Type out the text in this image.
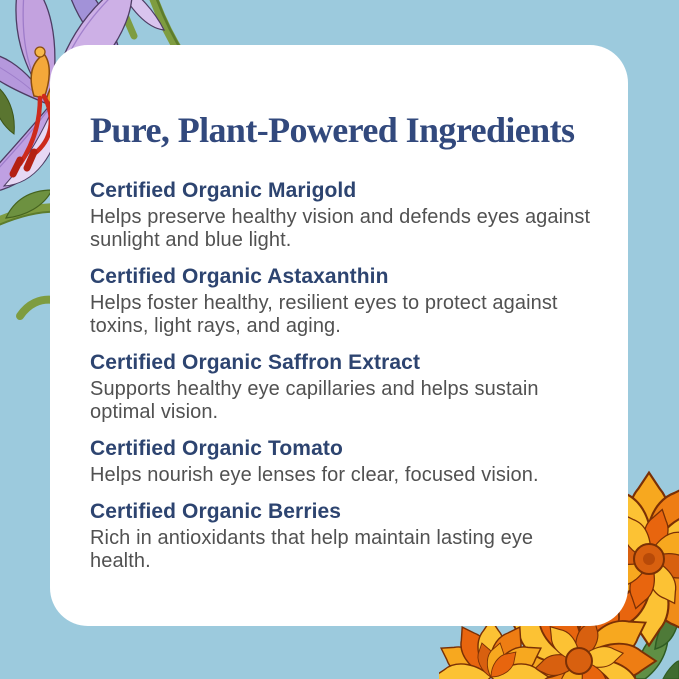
Pure, Plant-Powered Ingredients
Certified Organic Marigold

Helps preserve healthy vision and defends eyes against sunlight and blue light.

Certified Organic Astaxanthin

Helps foster healthy, resilient eyes to protect against toxins, light rays, and aging.

Certified Organic Saffron Extract

Supports healthy eye capillaries and helps sustain optimal vision.

Certified Organic Tomato

Helps nourish eye lenses for clear, focused vision.

Certified Organic Berries

Rich in antioxidants that help maintain lasting eye health.
